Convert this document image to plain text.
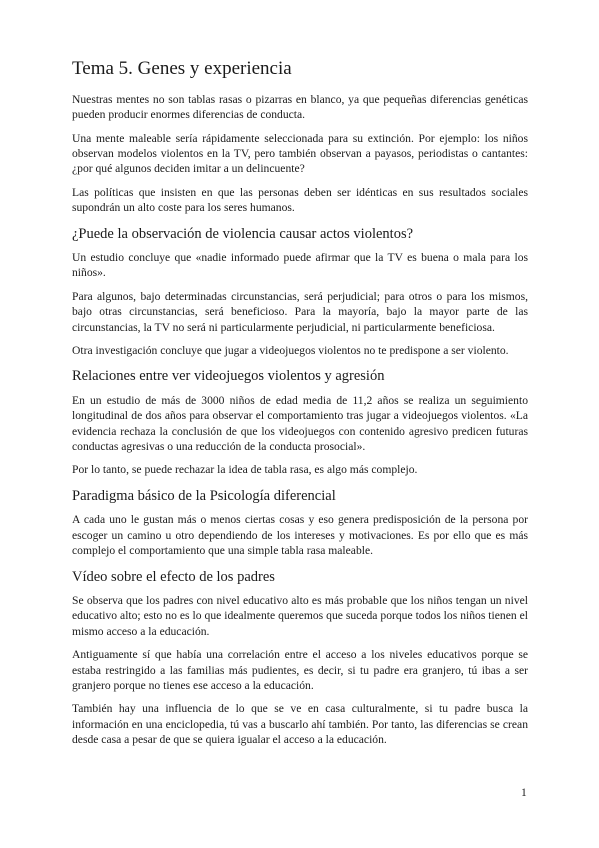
Tema 5. Genes y experiencia

Nuestras mentes no son tablas rasas o pizarras en blanco, ya que pequeñas diferencias genéticas pueden producir enormes diferencias de conducta.

Una mente maleable sería rápidamente seleccionada para su extinción. Por ejemplo: los niños observan modelos violentos en la TV, pero también observan a payasos, periodistas o cantantes: ¿por qué algunos deciden imitar a un delincuente?

Las políticas que insisten en que las personas deben ser idénticas en sus resultados sociales supondrán un alto coste para los seres humanos.

¿Puede la observación de violencia causar actos violentos?

Un estudio concluye que «nadie informado puede afirmar que la TV es buena o mala para los niños».

Para algunos, bajo determinadas circunstancias, será perjudicial; para otros o para los mismos, bajo otras circunstancias, será beneficioso. Para la mayoría, bajo la mayor parte de las circunstancias, la TV no será ni particularmente perjudicial, ni particularmente beneficiosa.

Otra investigación concluye que jugar a videojuegos violentos no te predispone a ser violento.

Relaciones entre ver videojuegos violentos y agresión

En un estudio de más de 3000 niños de edad media de 11,2 años se realiza un seguimiento longitudinal de dos años para observar el comportamiento tras jugar a videojuegos violentos. «La evidencia rechaza la conclusión de que los videojuegos con contenido agresivo predicen futuras conductas agresivas o una reducción de la conducta prosocial».

Por lo tanto, se puede rechazar la idea de tabla rasa, es algo más complejo.

Paradigma básico de la Psicología diferencial

A cada uno le gustan más o menos ciertas cosas y eso genera predisposición de la persona por escoger un camino u otro dependiendo de los intereses y motivaciones. Es por ello que es más complejo el comportamiento que una simple tabla rasa maleable.

Vídeo sobre el efecto de los padres

Se observa que los padres con nivel educativo alto es más probable que los niños tengan un nivel educativo alto; esto no es lo que idealmente queremos que suceda porque todos los niños tienen el mismo acceso a la educación.

Antiguamente sí que había una correlación entre el acceso a los niveles educativos porque se estaba restringido a las familias más pudientes, es decir, si tu padre era granjero, tú ibas a ser granjero porque no tienes ese acceso a la educación.

También hay una influencia de lo que se ve en casa culturalmente, si tu padre busca la información en una enciclopedia, tú vas a buscarlo ahí también. Por tanto, las diferencias se crean desde casa a pesar de que se quiera igualar el acceso a la educación.

1
